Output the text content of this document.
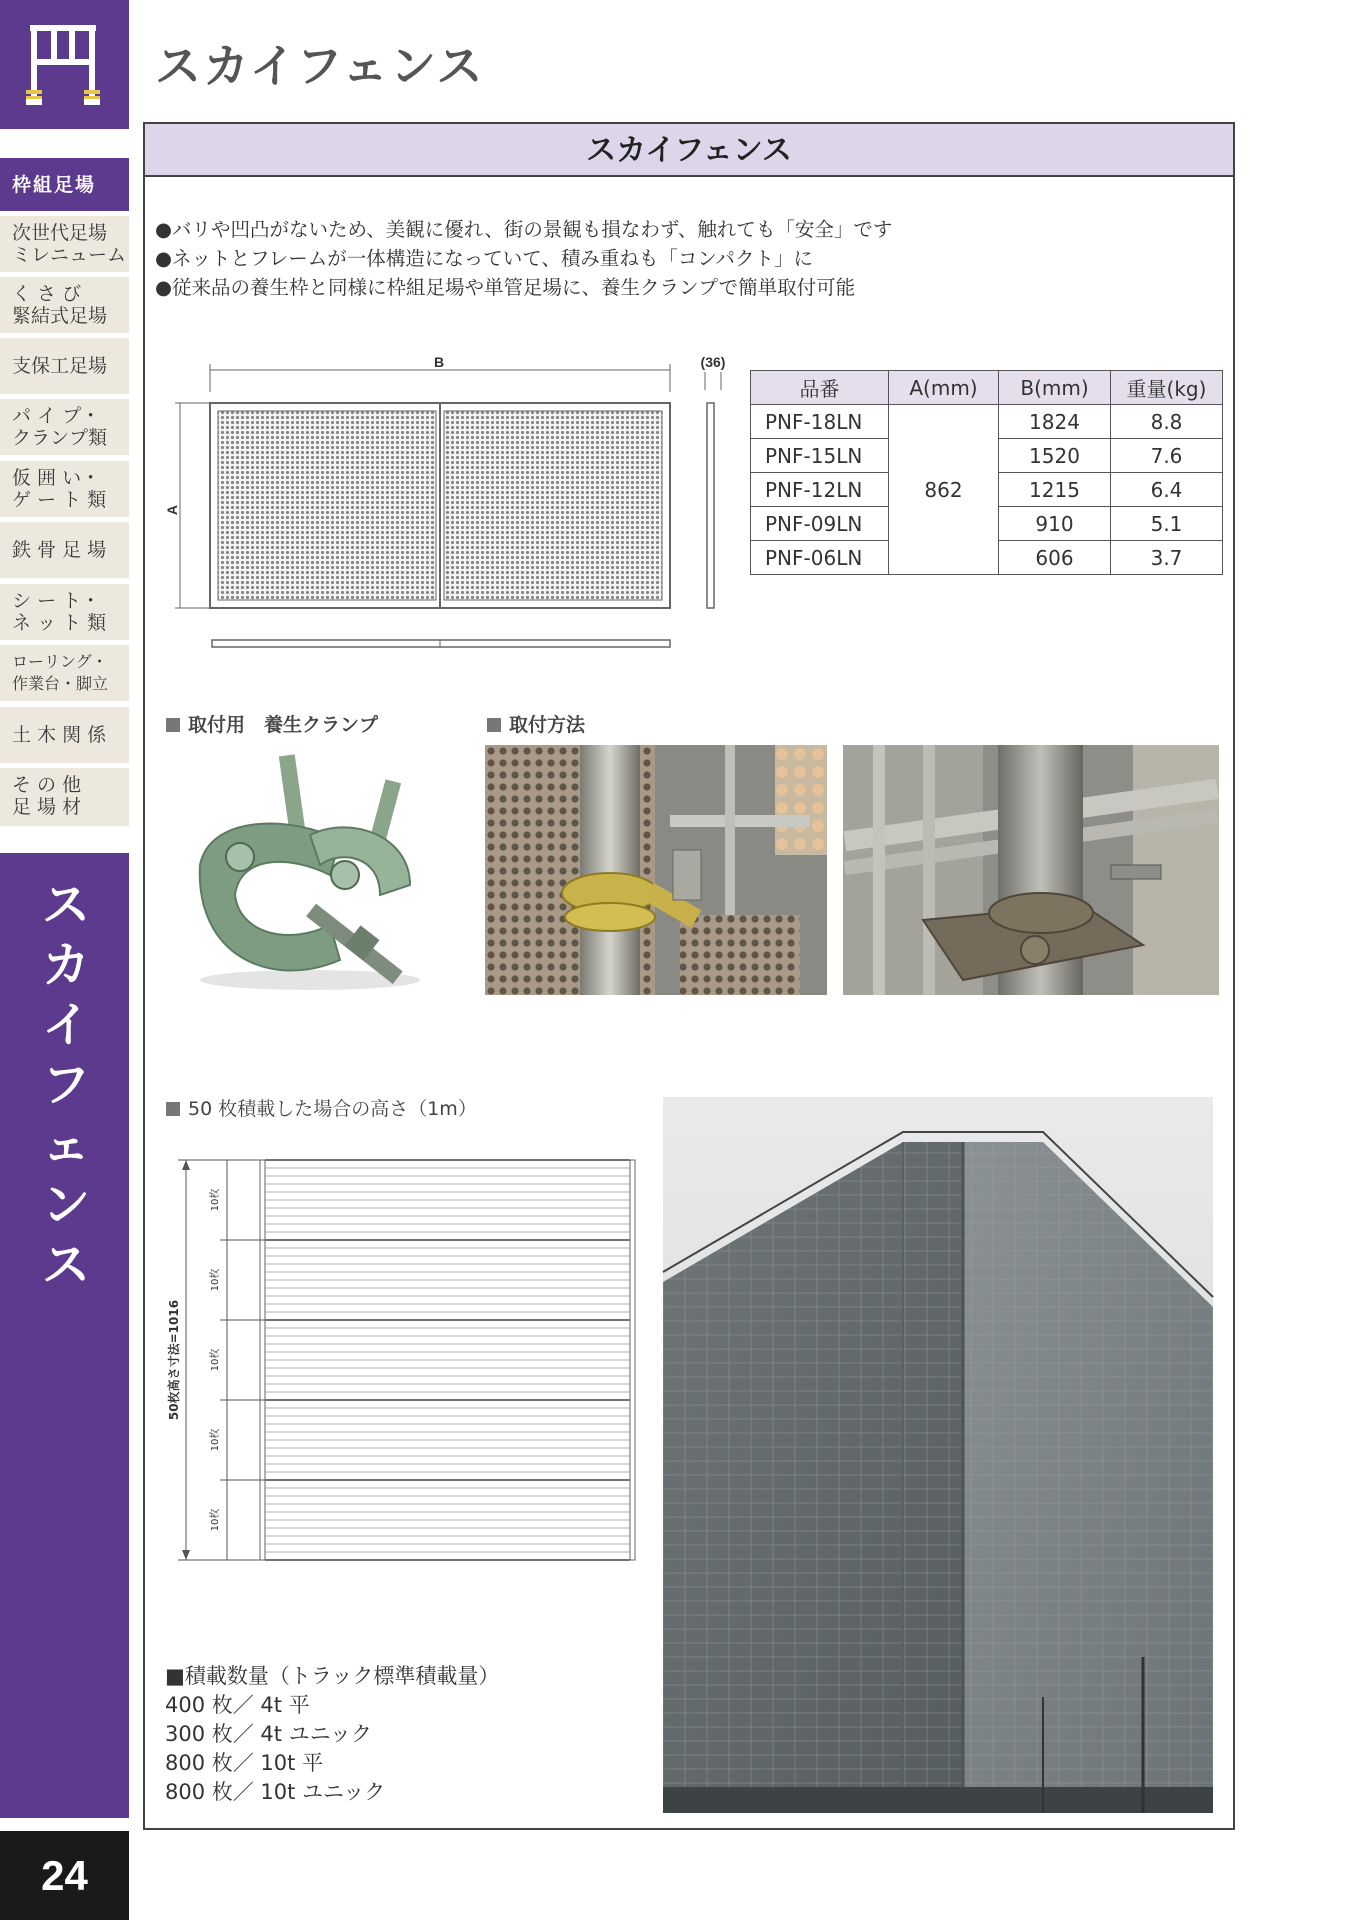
枠組足場
次世代足場
ミレニューム
く さ び
緊結式足場
支保工足場
パ イ プ・
クランプ類
仮 囲 い・
ゲ ー ト 類
鉄 骨 足 場
シ ー ト・
ネ ッ ト 類
ローリング・
作業台・脚立
土 木 関 係
そ の 他
足 場 材
スカイフェンス
24
スカイフェンス
スカイフェンス
●バリや凹凸がないため、美観に優れ、街の景観も損なわず、触れても「安全」です
●ネットとフレームが一体構造になっていて、積み重ねも「コンパクト」に
●従来品の養生枠と同様に枠組足場や単管足場に、養生クランプで簡単取付可能
B
A
(36)
品番	A(mm)	B(mm)	重量(kg)
PNF-18LN	862	1824	8.8
PNF-15LN		1520	7.6
PNF-12LN		1215	6.4
PNF-09LN		910	5.1
PNF-06LN		606	3.7
取付用　養生クランプ	取付方法
50 枚積載した場合の高さ（1m）
50枚高さ寸法=1016
10枚
10枚
10枚
10枚
10枚
■積載数量（トラック標準積載量）
400 枚／ 4t 平
300 枚／ 4t ユニック
800 枚／ 10t 平
800 枚／ 10t ユニック
